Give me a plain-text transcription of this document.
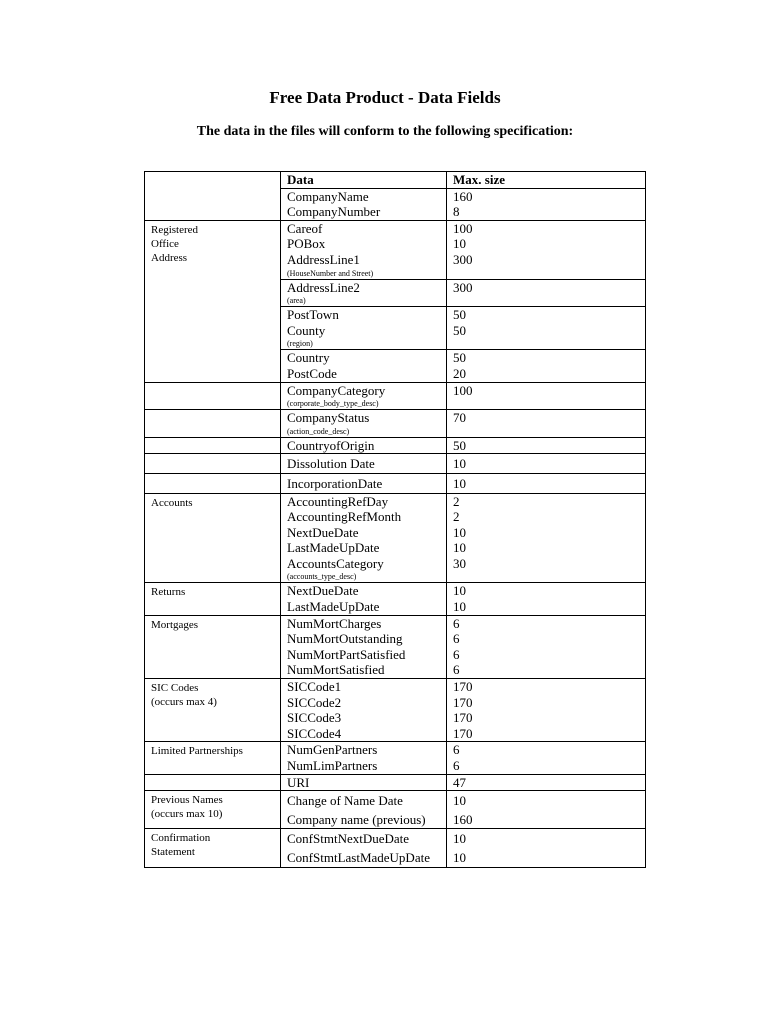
Free Data Product - Data Fields
The data in the files will conform to the following specification:
	Data	Max. size
	CompanyName	160
	CompanyNumber	8
Registered
Office
Address	Careof	100
	POBox	10
	AddressLine1
(HouseNumber and Street)	300
	AddressLine2
(area)	300
	PostTown	50
	County
(region)	50
	Country	50
	PostCode	20
	CompanyCategory
(corporate_body_type_desc)	100
	CompanyStatus
(action_code_desc)	70
	CountryofOrigin	50
	Dissolution Date	10
	IncorporationDate	10
Accounts	AccountingRefDay	2
	AccountingRefMonth	2
	NextDueDate	10
	LastMadeUpDate	10
	AccountsCategory
(accounts_type_desc)	30
Returns	NextDueDate	10
	LastMadeUpDate	10
Mortgages	NumMortCharges	6
	NumMortOutstanding	6
	NumMortPartSatisfied	6
	NumMortSatisfied	6
SIC Codes
(occurs max 4)	SICCode1	170
	SICCode2	170
	SICCode3	170
	SICCode4	170
Limited Partnerships	NumGenPartners	6
	NumLimPartners	6
	URI	47
Previous Names
(occurs max 10)	Change of Name Date	10
	Company name (previous)	160
Confirmation
Statement	ConfStmtNextDueDate	10
	ConfStmtLastMadeUpDate	10
